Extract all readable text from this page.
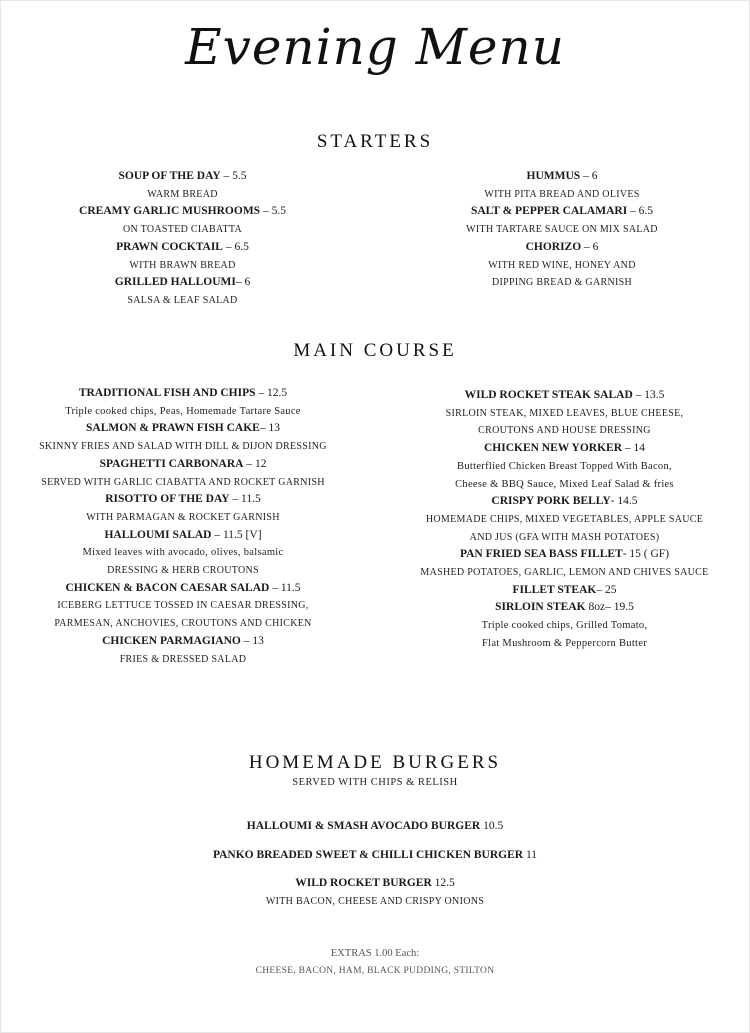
Evening Menu
STARTERS
SOUP OF THE DAY – 5.5
WARM BREAD
CREAMY GARLIC MUSHROOMS – 5.5
ON TOASTED CIABATTA
PRAWN COCKTAIL – 6.5
WITH BRAWN BREAD
GRILLED HALLOUMI– 6
SALSA & LEAF SALAD
HUMMUS – 6
WITH PITA BREAD AND OLIVES
SALT & PEPPER CALAMARI – 6.5
WITH TARTARE SAUCE ON MIX SALAD
CHORIZO – 6
WITH RED WINE, HONEY AND
DIPPING BREAD & GARNISH
MAIN COURSE
TRADITIONAL FISH AND CHIPS – 12.5
Triple cooked chips, Peas, Homemade Tartare Sauce
SALMON & PRAWN FISH CAKE– 13
SKINNY FRIES AND SALAD WITH DILL & DIJON DRESSING
SPAGHETTI CARBONARA – 12
SERVED WITH GARLIC CIABATTA AND ROCKET GARNISH
RISOTTO OF THE DAY – 11.5
WITH PARMAGAN & ROCKET GARNISH
HALLOUMI SALAD – 11.5 [V]
Mixed leaves with avocado, olives, balsamic
DRESSING & HERB CROUTONS
CHICKEN & BACON CAESAR SALAD – 11.5
ICEBERG LETTUCE TOSSED IN CAESAR DRESSING,
PARMESAN, ANCHOVIES, CROUTONS AND CHICKEN
CHICKEN PARMAGIANO – 13
FRIES & DRESSED SALAD
WILD ROCKET STEAK SALAD – 13.5
SIRLOIN STEAK, MIXED LEAVES, BLUE CHEESE,
CROUTONS AND HOUSE DRESSING
CHICKEN NEW YORKER – 14
Butterflied Chicken Breast Topped With Bacon,
Cheese & BBQ Sauce, Mixed Leaf Salad & fries
CRISPY PORK BELLY- 14.5
HOMEMADE CHIPS, MIXED VEGETABLES, APPLE SAUCE
AND JUS (GFA WITH MASH POTATOES)
PAN FRIED SEA BASS FILLET- 15 ( GF)
MASHED POTATOES, GARLIC, LEMON AND CHIVES SAUCE
FILLET STEAK– 25
SIRLOIN STEAK 8oz– 19.5
Triple cooked chips, Grilled Tomato,
Flat Mushroom & Peppercorn Butter
HOMEMADE BURGERS
SERVED WITH CHIPS & RELISH
HALLOUMI & SMASH AVOCADO BURGER 10.5
PANKO BREADED SWEET & CHILLI CHICKEN BURGER 11
WILD ROCKET BURGER 12.5
WITH BACON, CHEESE AND CRISPY ONIONS
EXTRAS 1.00 Each:
CHEESE, BACON, HAM, BLACK PUDDING, STILTON
